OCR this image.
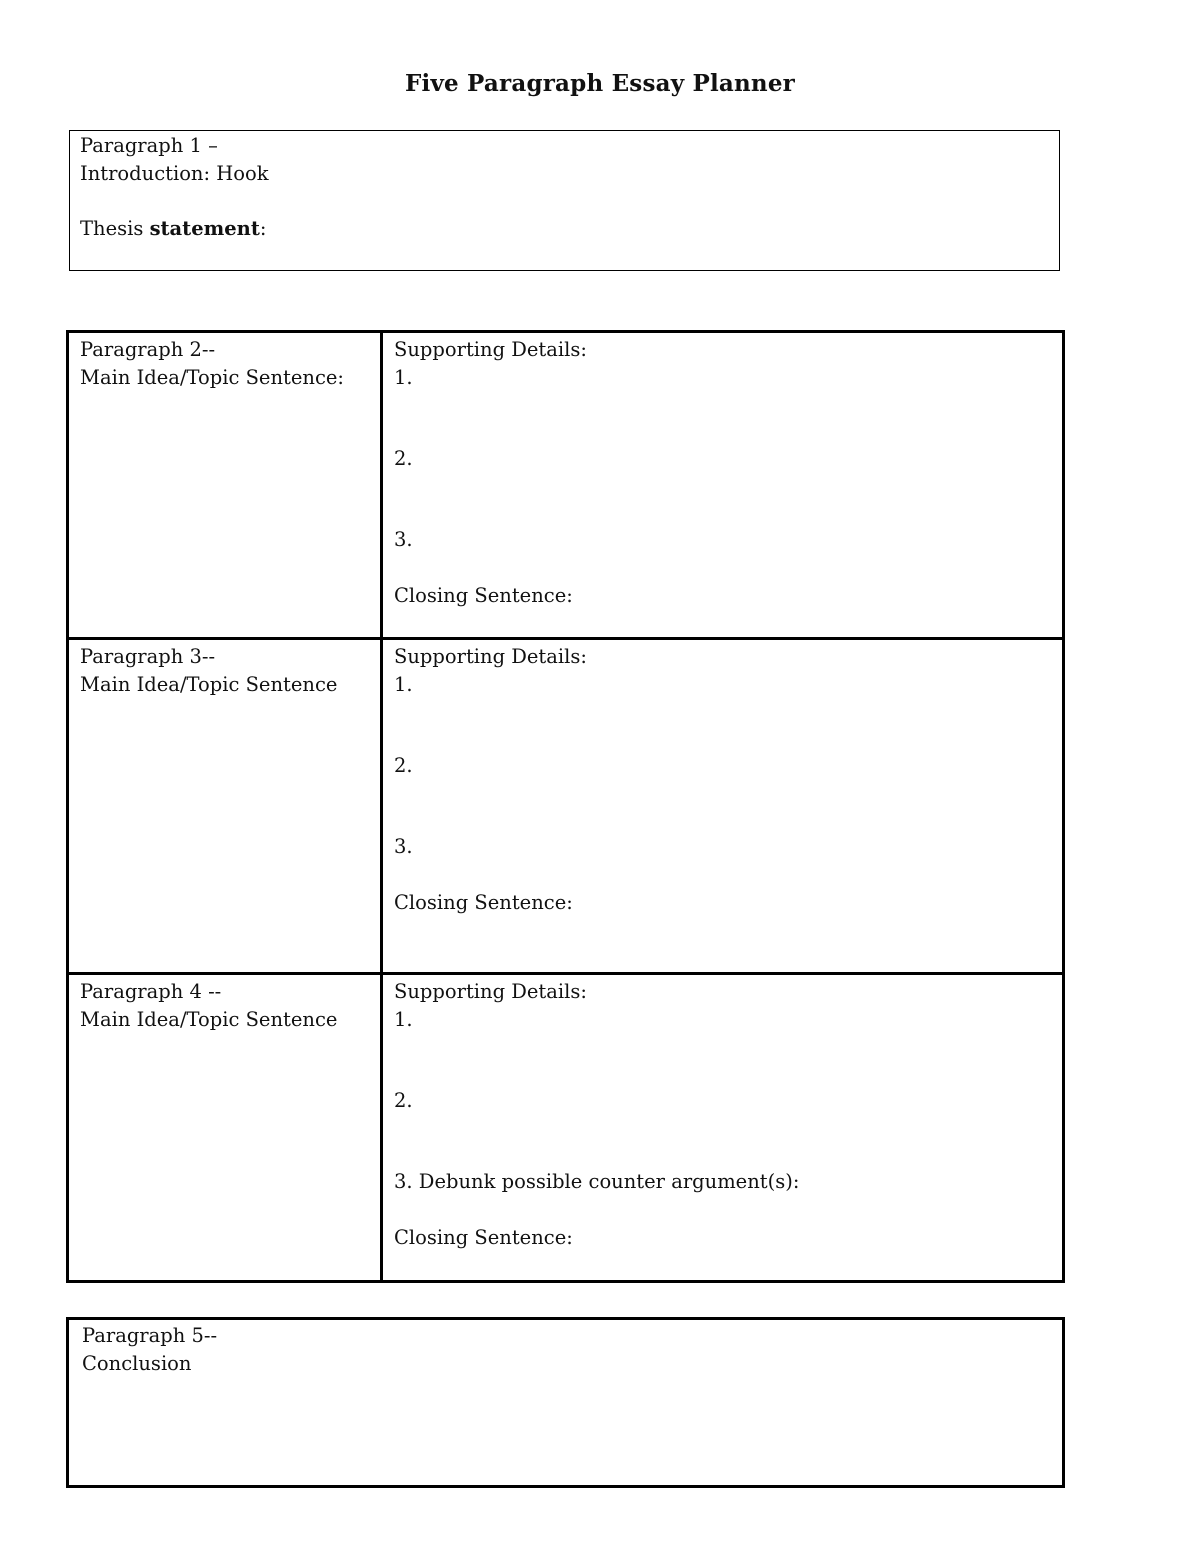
Five Paragraph Essay Planner
Paragraph 1 –
Introduction: Hook
Thesis statement:
Paragraph 2--
Main Idea/Topic Sentence:	Supporting Details:
1.
2.
3.
Closing Sentence:

Paragraph 3--
Main Idea/Topic Sentence	Supporting Details:
1.
2.
3.
Closing Sentence:

Paragraph 4 --
Main Idea/Topic Sentence	Supporting Details:
1.
2.
3. Debunk possible counter argument(s):
Closing Sentence:
Paragraph 5--
Conclusion
